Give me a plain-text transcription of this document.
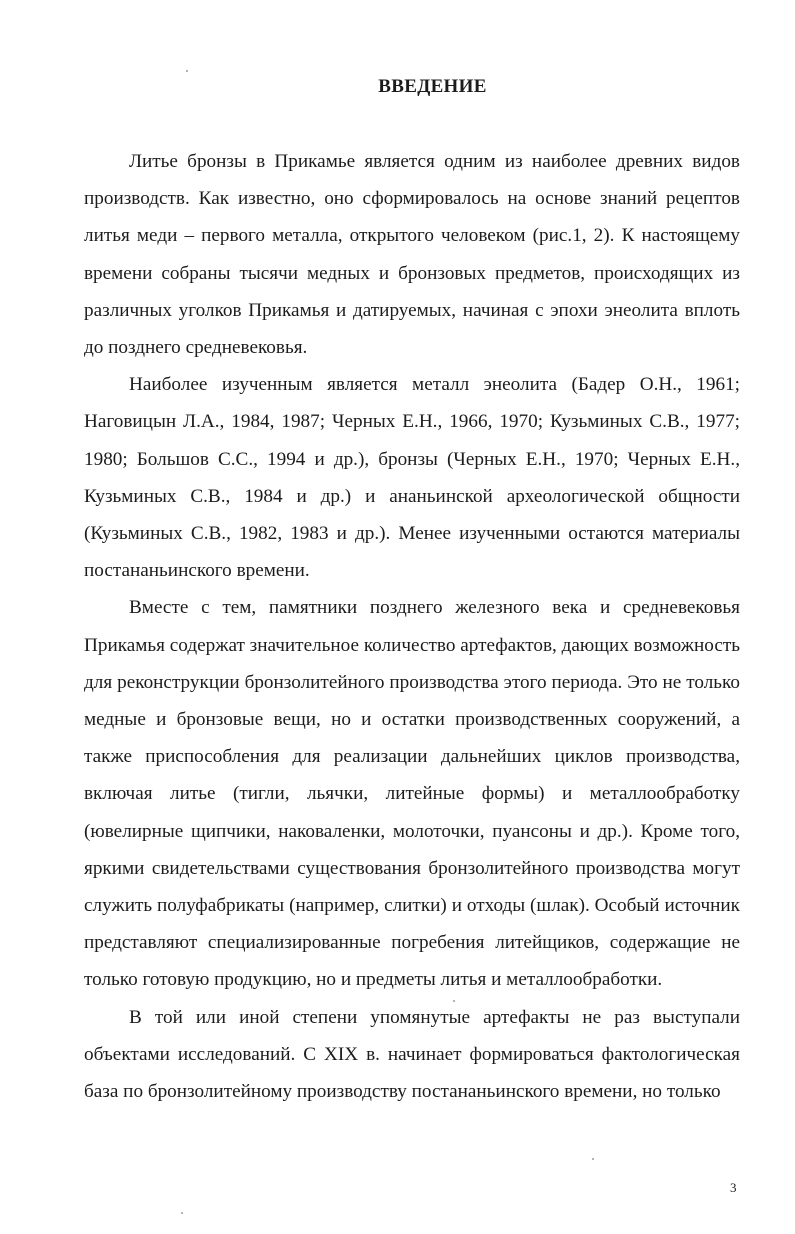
ВВЕДЕНИЕ

Литье бронзы в Прикамье является одним из наиболее древних видов производств. Как известно, оно сформировалось на основе знаний рецептов литья меди – первого металла, открытого человеком (рис.1, 2). К настоящему времени собраны тысячи медных и бронзовых предметов, происходящих из различных уголков Прикамья и датируемых, начиная с эпохи энеолита вплоть до позднего средневековья.

Наиболее изученным является металл энеолита (Бадер О.Н., 1961; Наговицын Л.А., 1984, 1987; Черных Е.Н., 1966, 1970; Кузьминых С.В., 1977; 1980; Большов С.С., 1994 и др.), бронзы (Черных Е.Н., 1970; Черных Е.Н., Кузьминых С.В., 1984 и др.) и ананьинской археологической общности (Кузьминых С.В., 1982, 1983 и др.). Менее изученными остаются материалы постананьинского времени.

Вместе с тем, памятники позднего железного века и средневековья Прикамья содержат значительное количество артефактов, дающих возможность для реконструкции бронзолитейного производства этого периода. Это не только медные и бронзовые вещи, но и остатки производственных сооружений, а также приспособления для реализации дальнейших циклов производства, включая литье (тигли, льячки, литейные формы) и металлообработку (ювелирные щипчики, наковаленки, молоточки, пуансоны и др.). Кроме того, яркими свидетельствами существования бронзолитейного производства могут служить полуфабрикаты (например, слитки) и отходы (шлак). Особый источник представляют специализированные погребения литейщиков, содержащие не только готовую продукцию, но и предметы литья и металлообработки.

В той или иной степени упомянутые артефакты не раз выступали объектами исследований. С XIX в. начинает формироваться фактологическая база по бронзолитейному производству постананьинского времени, но только

3
